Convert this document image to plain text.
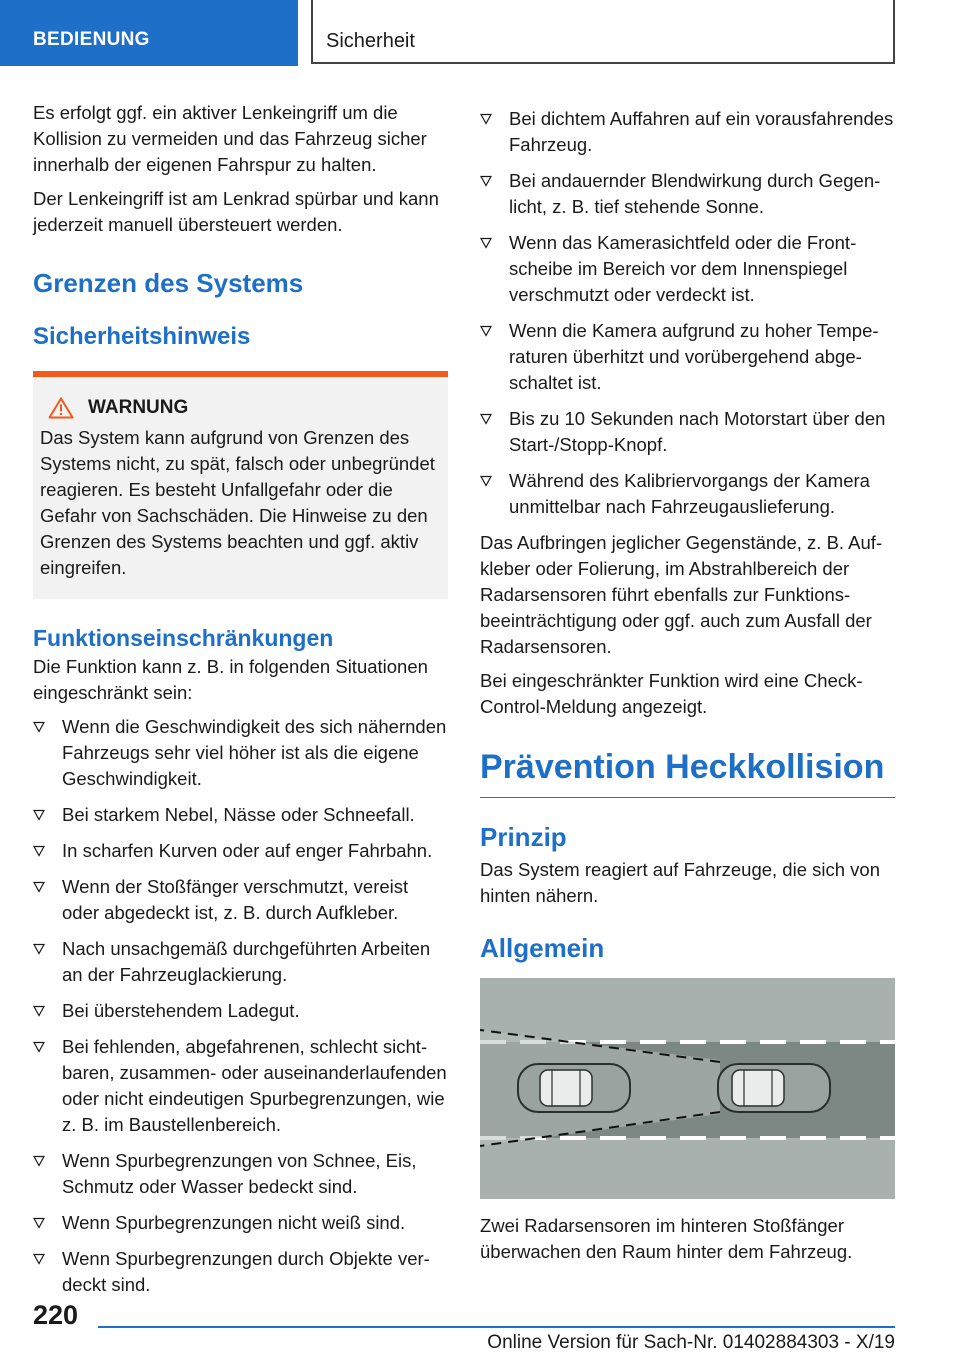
BEDIENUNG	Sicherheit

Es erfolgt ggf. ein aktiver Lenkeingriff um die Kollision zu vermeiden und das Fahrzeug sicher innerhalb der eigenen Fahrspur zu halten.

Der Lenkeingriff ist am Lenkrad spürbar und kann jederzeit manuell übersteuert werden.

Grenzen des Systems
Sicherheitshinweis
WARNUNG

Das System kann aufgrund von Grenzen des Systems nicht, zu spät, falsch oder unbegründet reagieren. Es besteht Unfallgefahr oder die Gefahr von Sachschäden. Die Hinweise zu den Grenzen des Systems beachten und ggf. aktiv eingreifen.

Funktionseinschränkungen

Die Funktion kann z. B. in folgenden Situationen eingeschränkt sein:

Wenn die Geschwindigkeit des sich nähernden Fahrzeugs sehr viel höher ist als die eigene Geschwindigkeit.
Bei starkem Nebel, Nässe oder Schneefall.
In scharfen Kurven oder auf enger Fahrbahn.
Wenn der Stoßfänger verschmutzt, vereist oder abgedeckt ist, z. B. durch Aufkleber.
Nach unsachgemäß durchgeführten Arbeiten an der Fahrzeuglackierung.
Bei überstehendem Ladegut.
Bei fehlenden, abgefahrenen, schlecht sichtbaren, zusammen- oder auseinanderlaufenden oder nicht eindeutigen Spurbegrenzungen, wie z. B. im Baustellenbereich.
Wenn Spurbegrenzungen von Schnee, Eis, Schmutz oder Wasser bedeckt sind.
Wenn Spurbegrenzungen nicht weiß sind.
Wenn Spurbegrenzungen durch Objekte verdeckt sind.
Bei dichtem Auffahren auf ein vorausfahrendes Fahrzeug.
Bei andauernder Blendwirkung durch Gegenlicht, z. B. tief stehende Sonne.
Wenn das Kamerasichtfeld oder die Frontscheibe im Bereich vor dem Innenspiegel verschmutzt oder verdeckt ist.
Wenn die Kamera aufgrund zu hoher Temperaturen überhitzt und vorübergehend abgeschaltet ist.
Bis zu 10 Sekunden nach Motorstart über den Start-/Stopp-Knopf.
Während des Kalibriervorgangs der Kamera unmittelbar nach Fahrzeugauslieferung.

Das Aufbringen jeglicher Gegenstände, z. B. Aufkleber oder Folierung, im Abstrahlbereich der Radarsensoren führt ebenfalls zur Funktionsbeeinträchtigung oder ggf. auch zum Ausfall der Radarsensoren.

Bei eingeschränkter Funktion wird eine Check-Control-Meldung angezeigt.

Prävention Heckkollision
Prinzip

Das System reagiert auf Fahrzeuge, die sich von hinten nähern.

Allgemein

Zwei Radarsensoren im hinteren Stoßfänger überwachen den Raum hinter dem Fahrzeug.

220
Online Version für Sach-Nr. 01402884303 - X/19
